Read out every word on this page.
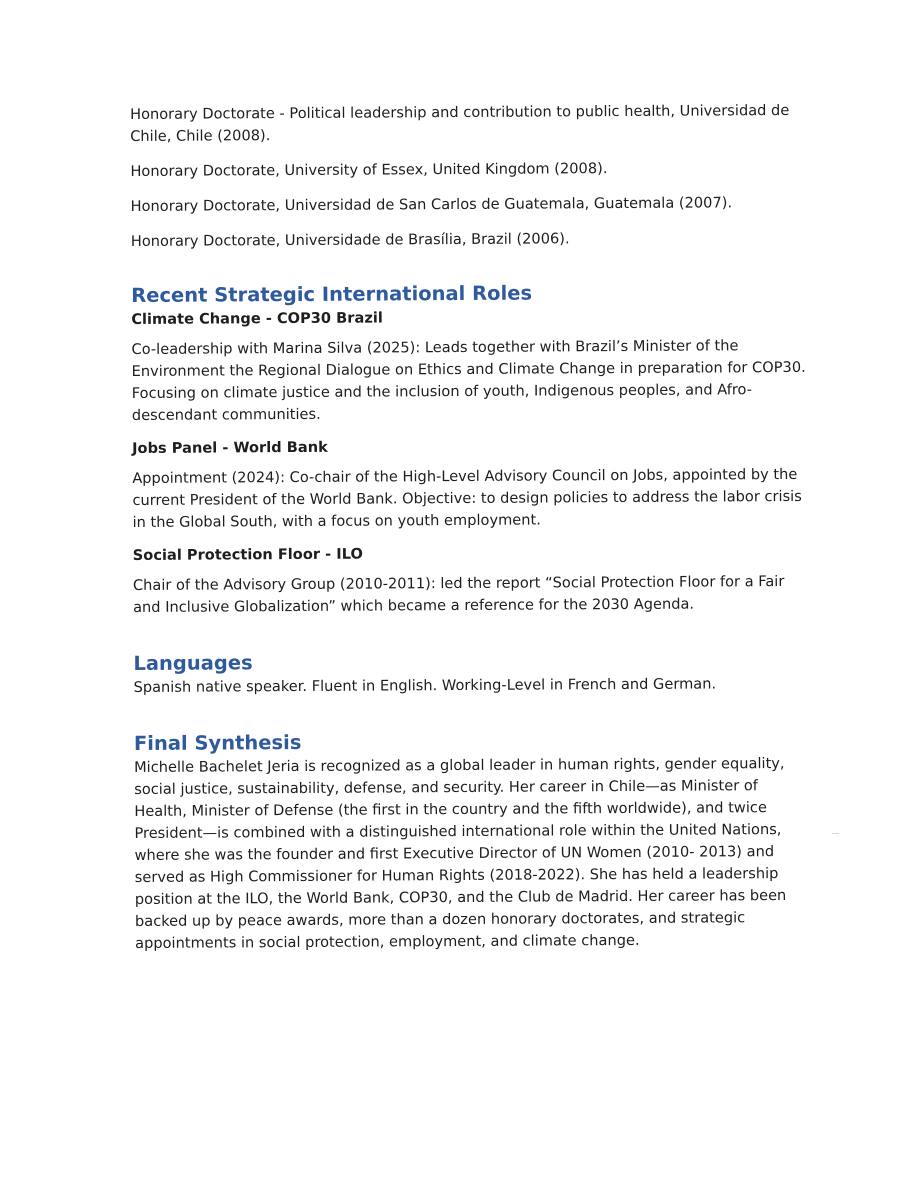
Honorary Doctorate - Political leadership and contribution to public health, Universidad de Chile, Chile (2008).

Honorary Doctorate, University of Essex, United Kingdom (2008).

Honorary Doctorate, Universidad de San Carlos de Guatemala, Guatemala (2007).

Honorary Doctorate, Universidade de Brasília, Brazil (2006).

Recent Strategic International Roles
Climate Change - COP30 Brazil

Co-leadership with Marina Silva (2025): Leads together with Brazil’s Minister of the Environment the Regional Dialogue on Ethics and Climate Change in preparation for COP30. Focusing on climate justice and the inclusion of youth, Indigenous peoples, and Afro-descendant communities.

Jobs Panel - World Bank

Appointment (2024): Co-chair of the High-Level Advisory Council on Jobs, appointed by the current President of the World Bank. Objective: to design policies to address the labor crisis in the Global South, with a focus on youth employment.

Social Protection Floor - ILO

Chair of the Advisory Group (2010-2011): led the report “Social Protection Floor for a Fair and Inclusive Globalization” which became a reference for the 2030 Agenda.

Languages

Spanish native speaker. Fluent in English. Working-Level in French and German.

Final Synthesis

Michelle Bachelet Jeria is recognized as a global leader in human rights, gender equality, social justice, sustainability, defense, and security. Her career in Chile—as Minister of Health, Minister of Defense (the first in the country and the fifth worldwide), and twice President—is combined with a distinguished international role within the United Nations, where she was the founder and first Executive Director of UN Women (2010- 2013) and served as High Commissioner for Human Rights (2018-2022). She has held a leadership position at the ILO, the World Bank, COP30, and the Club de Madrid. Her career has been backed up by peace awards, more than a dozen honorary doctorates, and strategic appointments in social protection, employment, and climate change.
